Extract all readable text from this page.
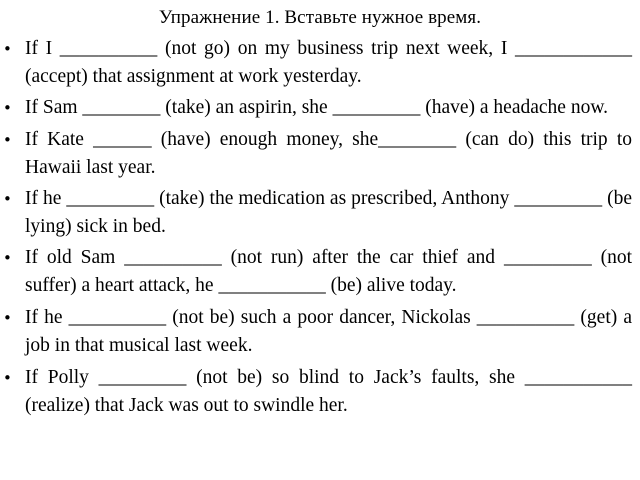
Упражнение 1. Вставьте нужное время.
• If I __________ (not go) on my business trip next week, I ____________ (accept) that assignment at work yesterday.
• If Sam ________ (take) an aspirin, she _________ (have) a headache now.
• If Kate ______ (have) enough money, she________ (can do) this trip to Hawaii last year.
• If he _________ (take) the medication as prescribed, Anthony _________ (be lying) sick in bed.
• If old Sam __________ (not run) after the car thief and _________ (not suffer) a heart attack, he ___________ (be) alive today.
• If he __________ (not be) such a poor dancer, Nickolas __________ (get) a job in that musical last week.
• If Polly _________ (not be) so blind to Jack’s faults, she ___________ (realize) that Jack was out to swindle her.
